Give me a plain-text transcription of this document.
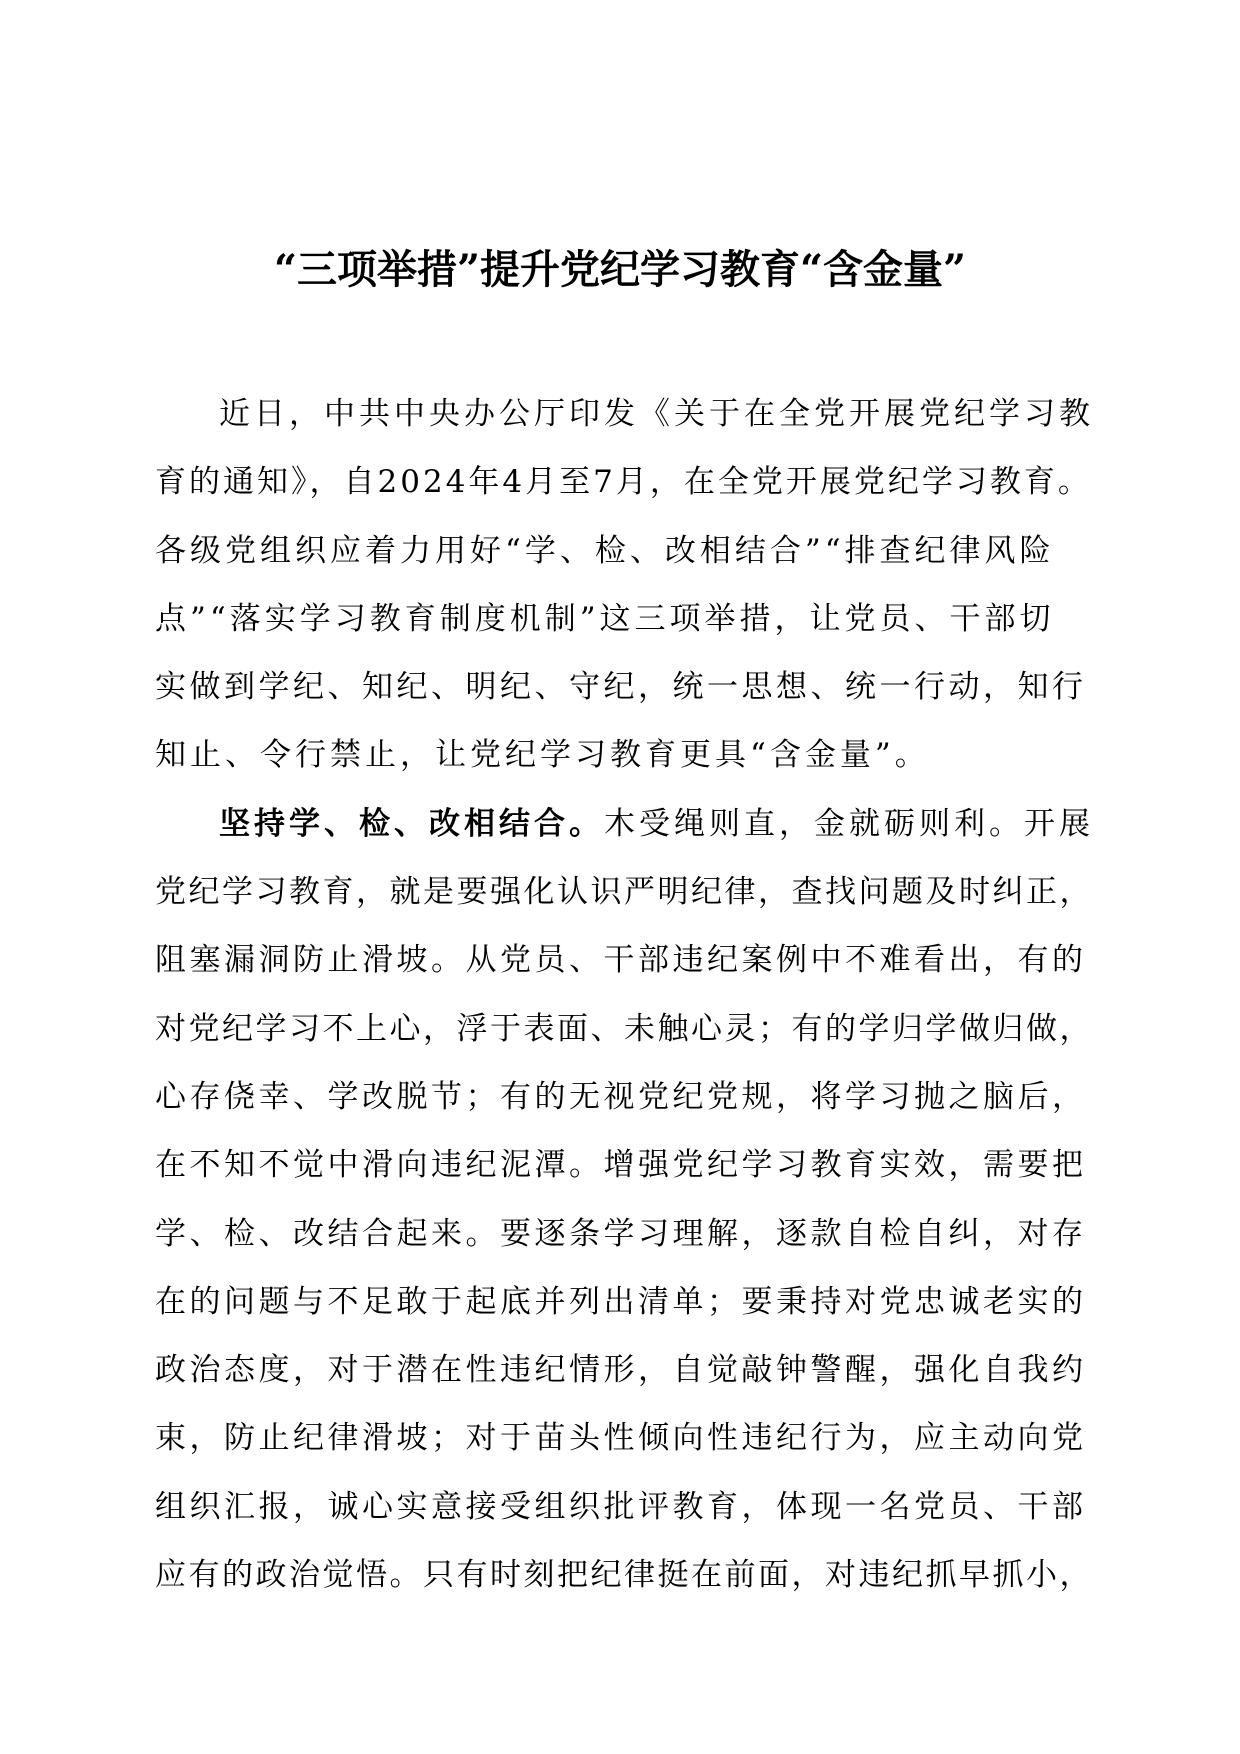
“三项举措”提升党纪学习教育“含金量”
近日，中共中央办公厅印发《关于在全党开展党纪学习教
育的通知》，自2024年4月至7月，在全党开展党纪学习教育。
各级党组织应着力用好“学、检、改相结合”“排查纪律风险
点”“落实学习教育制度机制”这三项举措，让党员、干部切
实做到学纪、知纪、明纪、守纪，统一思想、统一行动，知行
知止、令行禁止，让党纪学习教育更具“含金量”。
坚持学、检、改相结合。木受绳则直，金就砺则利。开展
党纪学习教育，就是要强化认识严明纪律，查找问题及时纠正，
阻塞漏洞防止滑坡。从党员、干部违纪案例中不难看出，有的
对党纪学习不上心，浮于表面、未触心灵；有的学归学做归做，
心存侥幸、学改脱节；有的无视党纪党规，将学习抛之脑后，
在不知不觉中滑向违纪泥潭。增强党纪学习教育实效，需要把
学、检、改结合起来。要逐条学习理解，逐款自检自纠，对存
在的问题与不足敢于起底并列出清单；要秉持对党忠诚老实的
政治态度，对于潜在性违纪情形，自觉敲钟警醒，强化自我约
束，防止纪律滑坡；对于苗头性倾向性违纪行为，应主动向党
组织汇报，诚心实意接受组织批评教育，体现一名党员、干部
应有的政治觉悟。只有时刻把纪律挺在前面，对违纪抓早抓小，
